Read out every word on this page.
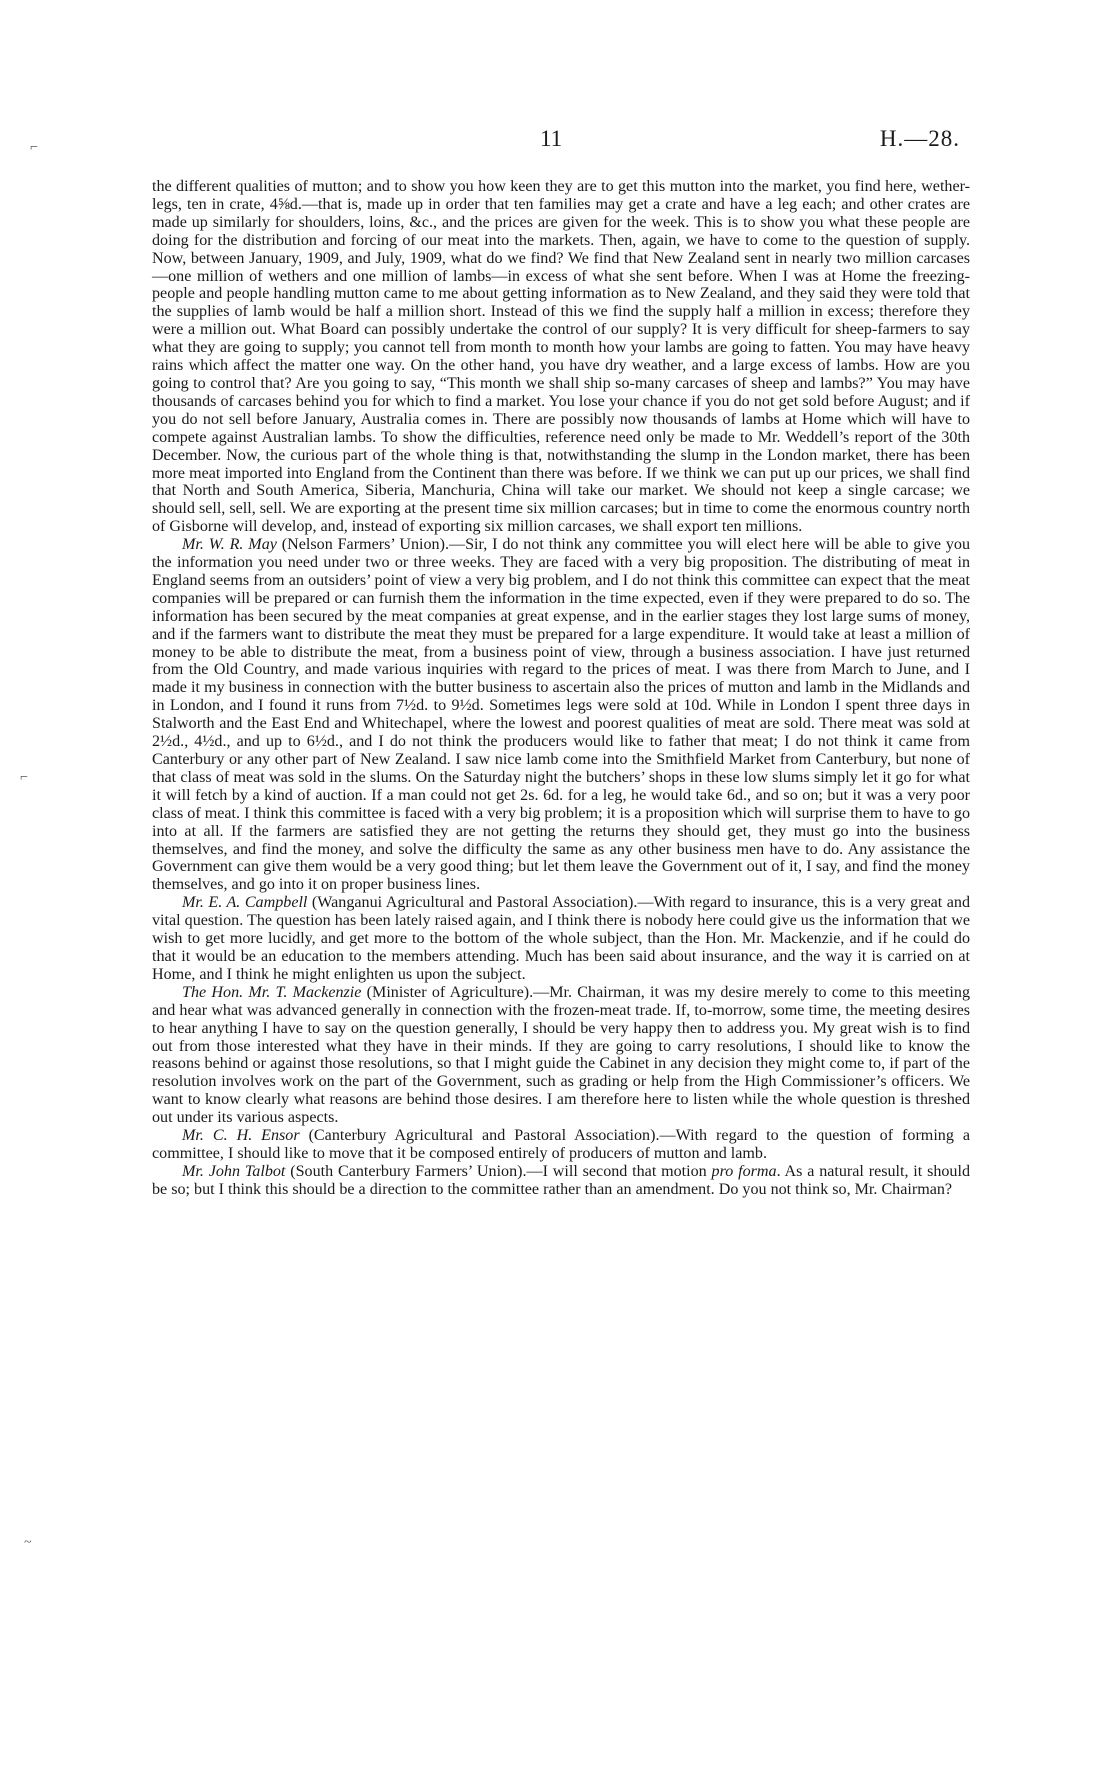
11	H.—28.
⌐
⌐
~

the different qualities of mutton; and to show you how keen they are to get this mutton into the market, you find here, wether-legs, ten in crate, 4⅝d.—that is, made up in order that ten families may get a crate and have a leg each; and other crates are made up similarly for shoulders, loins, &c., and the prices are given for the week. This is to show you what these people are doing for the distribution and forcing of our meat into the markets. Then, again, we have to come to the question of supply. Now, between January, 1909, and July, 1909, what do we find? We find that New Zealand sent in nearly two million carcases—one million of wethers and one million of lambs—in excess of what she sent before. When I was at Home the freezing-people and people handling mutton came to me about getting information as to New Zealand, and they said they were told that the supplies of lamb would be half a million short. Instead of this we find the supply half a million in excess; therefore they were a million out. What Board can possibly undertake the control of our supply? It is very difficult for sheep-farmers to say what they are going to supply; you cannot tell from month to month how your lambs are going to fatten. You may have heavy rains which affect the matter one way. On the other hand, you have dry weather, and a large excess of lambs. How are you going to control that? Are you going to say, “This month we shall ship so-many carcases of sheep and lambs?” You may have thousands of carcases behind you for which to find a market. You lose your chance if you do not get sold before August; and if you do not sell before January, Australia comes in. There are possibly now thousands of lambs at Home which will have to compete against Australian lambs. To show the difficulties, reference need only be made to Mr. Weddell’s report of the 30th December. Now, the curious part of the whole thing is that, notwithstanding the slump in the London market, there has been more meat imported into England from the Continent than there was before. If we think we can put up our prices, we shall find that North and South America, Siberia, Manchuria, China will take our market. We should not keep a single carcase; we should sell, sell, sell. We are exporting at the present time six million carcases; but in time to come the enormous country north of Gisborne will develop, and, instead of exporting six million carcases, we shall export ten millions.

Mr. W. R. May (Nelson Farmers’ Union).—Sir, I do not think any committee you will elect here will be able to give you the information you need under two or three weeks. They are faced with a very big proposition. The distributing of meat in England seems from an outsiders’ point of view a very big problem, and I do not think this committee can expect that the meat companies will be prepared or can furnish them the information in the time expected, even if they were prepared to do so. The information has been secured by the meat companies at great expense, and in the earlier stages they lost large sums of money, and if the farmers want to distribute the meat they must be prepared for a large expenditure. It would take at least a million of money to be able to distribute the meat, from a business point of view, through a business association. I have just returned from the Old Country, and made various inquiries with regard to the prices of meat. I was there from March to June, and I made it my business in connection with the butter business to ascertain also the prices of mutton and lamb in the Midlands and in London, and I found it runs from 7½d. to 9½d. Sometimes legs were sold at 10d. While in London I spent three days in Stalworth and the East End and Whitechapel, where the lowest and poorest qualities of meat are sold. There meat was sold at 2½d., 4½d., and up to 6½d., and I do not think the producers would like to father that meat; I do not think it came from Canterbury or any other part of New Zealand. I saw nice lamb come into the Smithfield Market from Canterbury, but none of that class of meat was sold in the slums. On the Saturday night the butchers’ shops in these low slums simply let it go for what it will fetch by a kind of auction. If a man could not get 2s. 6d. for a leg, he would take 6d., and so on; but it was a very poor class of meat. I think this committee is faced with a very big problem; it is a proposition which will surprise them to have to go into at all. If the farmers are satisfied they are not getting the returns they should get, they must go into the business themselves, and find the money, and solve the difficulty the same as any other business men have to do. Any assistance the Government can give them would be a very good thing; but let them leave the Government out of it, I say, and find the money themselves, and go into it on proper business lines.

Mr. E. A. Campbell (Wanganui Agricultural and Pastoral Association).—With regard to insurance, this is a very great and vital question. The question has been lately raised again, and I think there is nobody here could give us the information that we wish to get more lucidly, and get more to the bottom of the whole subject, than the Hon. Mr. Mackenzie, and if he could do that it would be an education to the members attending. Much has been said about insurance, and the way it is carried on at Home, and I think he might enlighten us upon the subject.

The Hon. Mr. T. Mackenzie (Minister of Agriculture).—Mr. Chairman, it was my desire merely to come to this meeting and hear what was advanced generally in connection with the frozen-meat trade. If, to-morrow, some time, the meeting desires to hear anything I have to say on the question generally, I should be very happy then to address you. My great wish is to find out from those interested what they have in their minds. If they are going to carry resolutions, I should like to know the reasons behind or against those resolutions, so that I might guide the Cabinet in any decision they might come to, if part of the resolution involves work on the part of the Government, such as grading or help from the High Commissioner’s officers. We want to know clearly what reasons are behind those desires. I am therefore here to listen while the whole question is threshed out under its various aspects.

Mr. C. H. Ensor (Canterbury Agricultural and Pastoral Association).—With regard to the question of forming a committee, I should like to move that it be composed entirely of producers of mutton and lamb.

Mr. John Talbot (South Canterbury Farmers’ Union).—I will second that motion pro forma. As a natural result, it should be so; but I think this should be a direction to the committee rather than an amendment. Do you not think so, Mr. Chairman?
